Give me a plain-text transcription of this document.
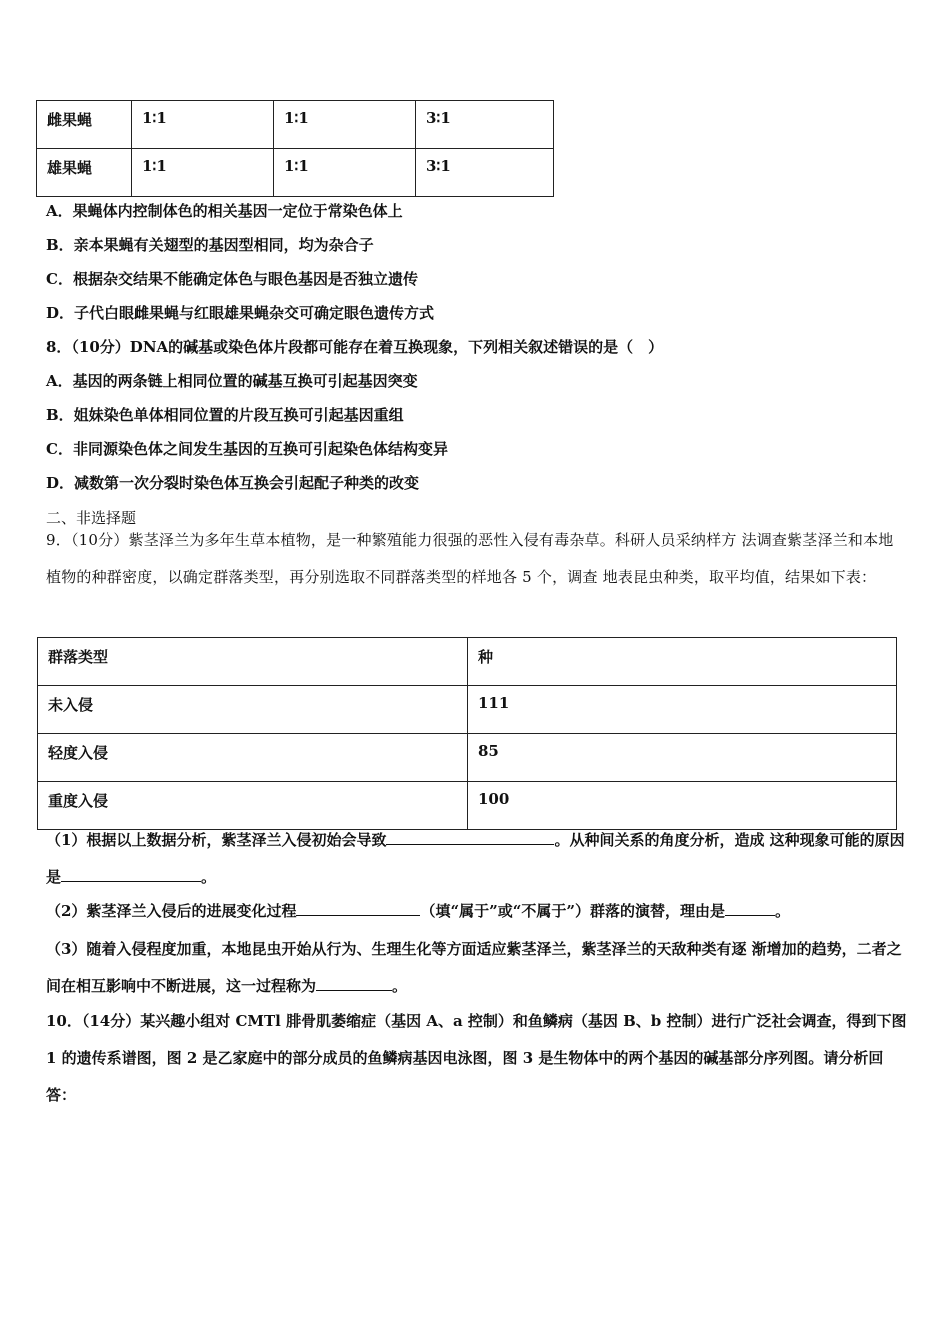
雌果蝇	1∶1	1∶1	3∶1
雄果蝇	1∶1	1∶1	3∶1
A．果蝇体内控制体色的相关基因一定位于常染色体上
B．亲本果蝇有关翅型的基因型相同，均为杂合子
C．根据杂交结果不能确定体色与眼色基因是否独立遗传
D．子代白眼雌果蝇与红眼雄果蝇杂交可确定眼色遗传方式
8．（10分）DNA的碱基或染色体片段都可能存在着互换现象，下列相关叙述错误的是（　）
A．基因的两条链上相同位置的碱基互换可引起基因突变
B．姐妹染色单体相同位置的片段互换可引起基因重组
C．非同源染色体之间发生基因的互换可引起染色体结构变异
D．减数第一次分裂时染色体互换会引起配子种类的改变
二、非选择题
9．（10分）紫茎泽兰为多年生草本植物，是一种繁殖能力很强的恶性入侵有毒杂草。科研人员采纳样方 法调查紫茎泽兰和本地植物的种群密度，以确定群落类型，再分别选取不同群落类型的样地各 5 个，调查 地表昆虫种类，取平均值，结果如下表：
群落类型	种
未入侵	111
轻度入侵	85
重度入侵	100
（1）根据以上数据分析，紫茎泽兰入侵初始会导致	。从种间关系的角度分析，造成 这种现象可能的原因是	。
（2）紫茎泽兰入侵后的进展变化过程	（填“属于”或“不属于”）群落的演替，理由是	。
（3）随着入侵程度加重，本地昆虫开始从行为、生理生化等方面适应紫茎泽兰，紫茎泽兰的天敌种类有逐 渐增加的趋势，二者之间在相互影响中不断进展，这一过程称为	。
10．（14分）某兴趣小组对 CMTl 腓骨肌萎缩症（基因 A、a 控制）和鱼鳞病（基因 B、b 控制）进行广泛社会调查，得到下图 1 的遗传系谱图，图 2 是乙家庭中的部分成员的鱼鳞病基因电泳图，图 3 是生物体中的两个基因的碱基部分序列图。请分析回答：
